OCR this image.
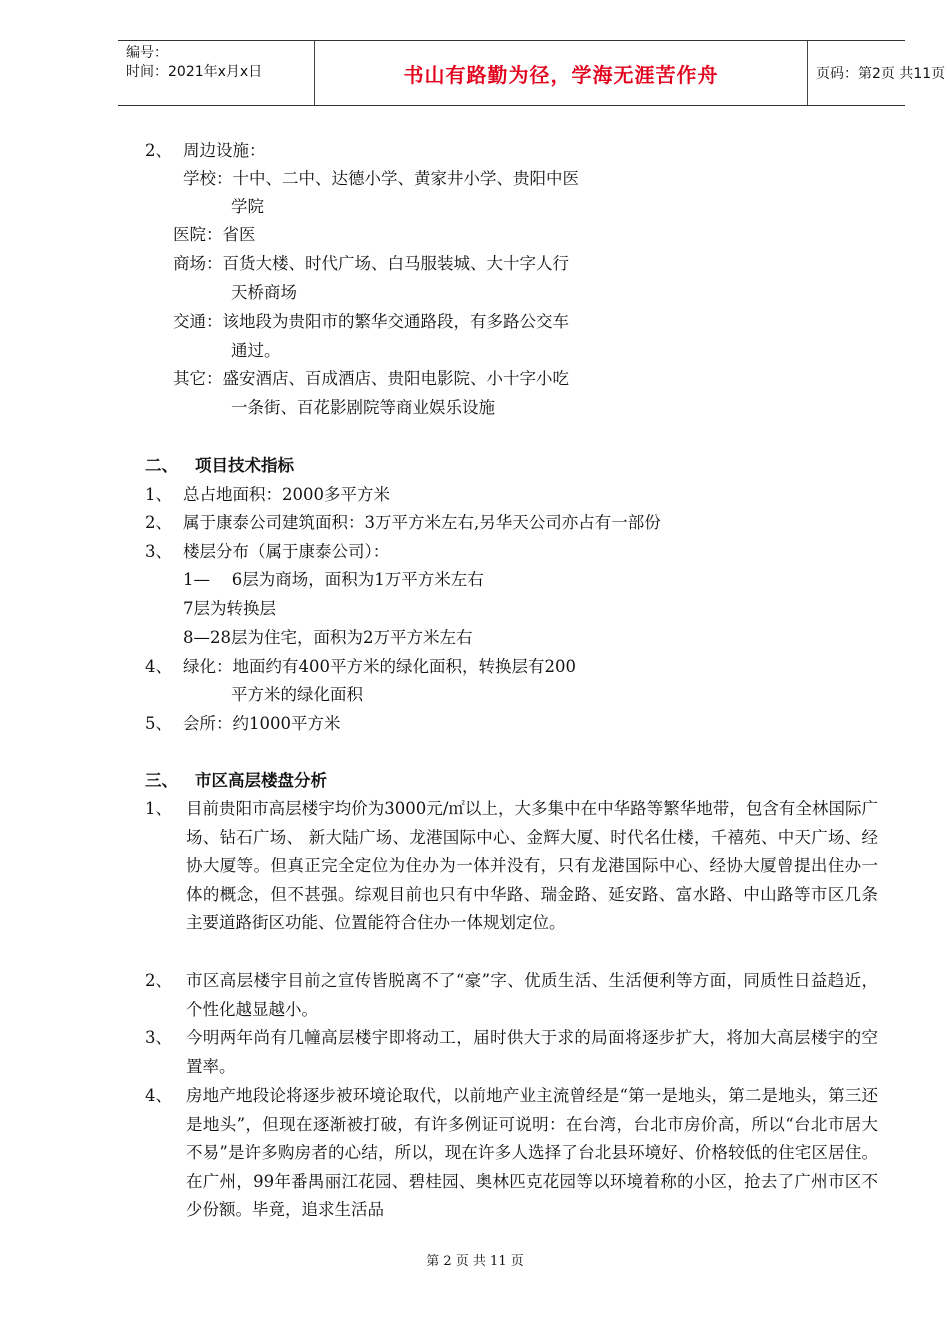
编号：
时间：2021年x月x日	书山有路勤为径，学海无涯苦作舟	页码：第2页 共11页
2、 周边设施：
学校：十中、二中、达德小学、黄家井小学、贵阳中医
学院
医院：省医
商场：百货大楼、时代广场、白马服装城、大十字人行
天桥商场
交通：该地段为贵阳市的繁华交通路段，有多路公交车
通过。
其它：盛安酒店、百成酒店、贵阳电影院、小十字小吃
一条街、百花影剧院等商业娱乐设施
二、 项目技术指标
1、 总占地面积：2000多平方米
2、 属于康泰公司建筑面积：3万平方米左右,另华天公司亦占有一部份
3、 楼层分布（属于康泰公司）：
1—　 6层为商场，面积为1万平方米左右
7层为转换层
8—28层为住宅，面积为2万平方米左右
4、 绿化：地面约有400平方米的绿化面积，转换层有200
平方米的绿化面积
5、 会所：约1000平方米
三、 市区高层楼盘分析
1、 目前贵阳市高层楼宇均价为3000元/㎡以上，大多集中在中华路等繁华地带，包含有全林国际广场、钻石广场、 新大陆广场、龙港国际中心、金辉大厦、时代名仕楼，千禧苑、中天广场、经协大厦等。但真正完全定位为住办为一体并没有，只有龙港国际中心、经协大厦曾提出住办一体的概念，但不甚强。综观目前也只有中华路、瑞金路、延安路、富水路、中山路等市区几条主要道路街区功能、位置能符合住办一体规划定位。
2、 市区高层楼宇目前之宣传皆脱离不了“豪”字、优质生活、生活便利等方面，同质性日益趋近，个性化越显越小。
3、 今明两年尚有几幢高层楼宇即将动工，届时供大于求的局面将逐步扩大，将加大高层楼宇的空置率。
4、 房地产地段论将逐步被环境论取代，以前地产业主流曾经是“第一是地头，第二是地头，第三还是地头”，但现在逐渐被打破，有许多例证可说明：在台湾，台北市房价高，所以“台北市居大不易”是许多购房者的心结，所以，现在许多人选择了台北县环境好、价格较低的住宅区居住。在广州，99年番禺丽江花园、碧桂园、奥林匹克花园等以环境着称的小区，抢去了广州市区不少份额。毕竟，追求生活品
第 2 页 共 11 页
